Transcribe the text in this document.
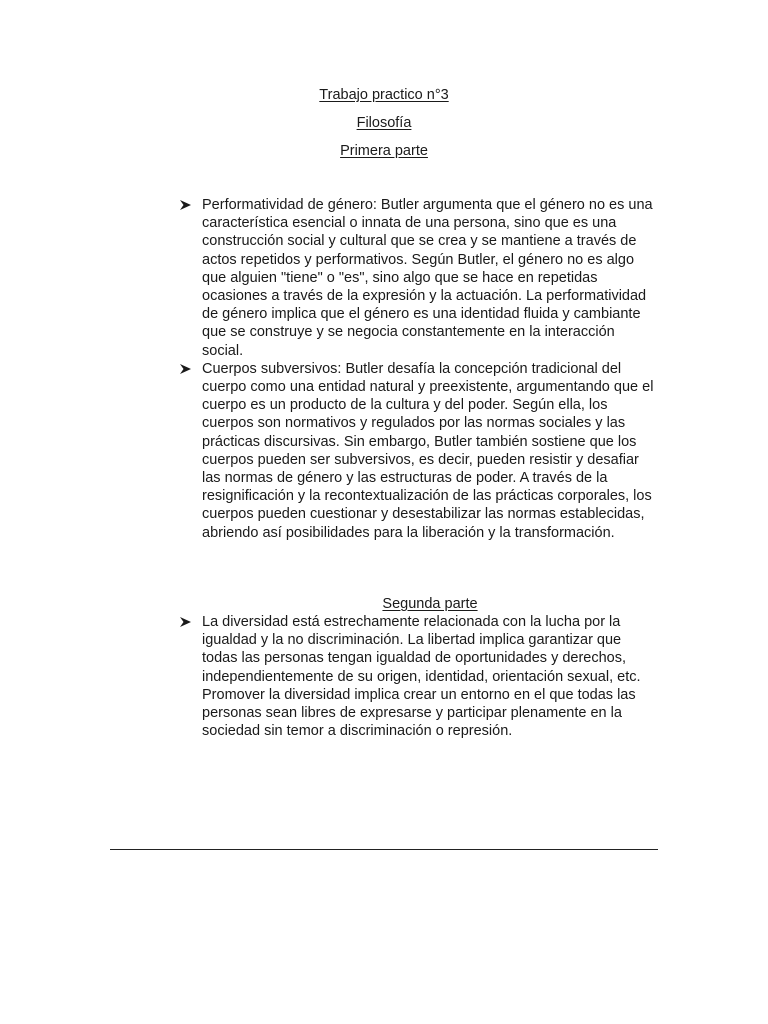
Trabajo practico n°3
Filosofía
Primera parte
Performatividad de género: Butler argumenta que el género no es una característica esencial o innata de una persona, sino que es una construcción social y cultural que se crea y se mantiene a través de actos repetidos y performativos. Según Butler, el género no es algo que alguien "tiene" o "es", sino algo que se hace en repetidas ocasiones a través de la expresión y la actuación. La performatividad de género implica que el género es una identidad fluida y cambiante que se construye y se negocia constantemente en la interacción social.
Cuerpos subversivos: Butler desafía la concepción tradicional del cuerpo como una entidad natural y preexistente, argumentando que el cuerpo es un producto de la cultura y del poder. Según ella, los cuerpos son normativos y regulados por las normas sociales y las prácticas discursivas. Sin embargo, Butler también sostiene que los cuerpos pueden ser subversivos, es decir, pueden resistir y desafiar las normas de género y las estructuras de poder. A través de la resignificación y la recontextualización de las prácticas corporales, los cuerpos pueden cuestionar y desestabilizar las normas establecidas, abriendo así posibilidades para la liberación y la transformación.
Segunda parte
La diversidad está estrechamente relacionada con la lucha por la igualdad y la no discriminación. La libertad implica garantizar que todas las personas tengan igualdad de oportunidades y derechos, independientemente de su origen, identidad, orientación sexual, etc. Promover la diversidad implica crear un entorno en el que todas las personas sean libres de expresarse y participar plenamente en la sociedad sin temor a discriminación o represión.
